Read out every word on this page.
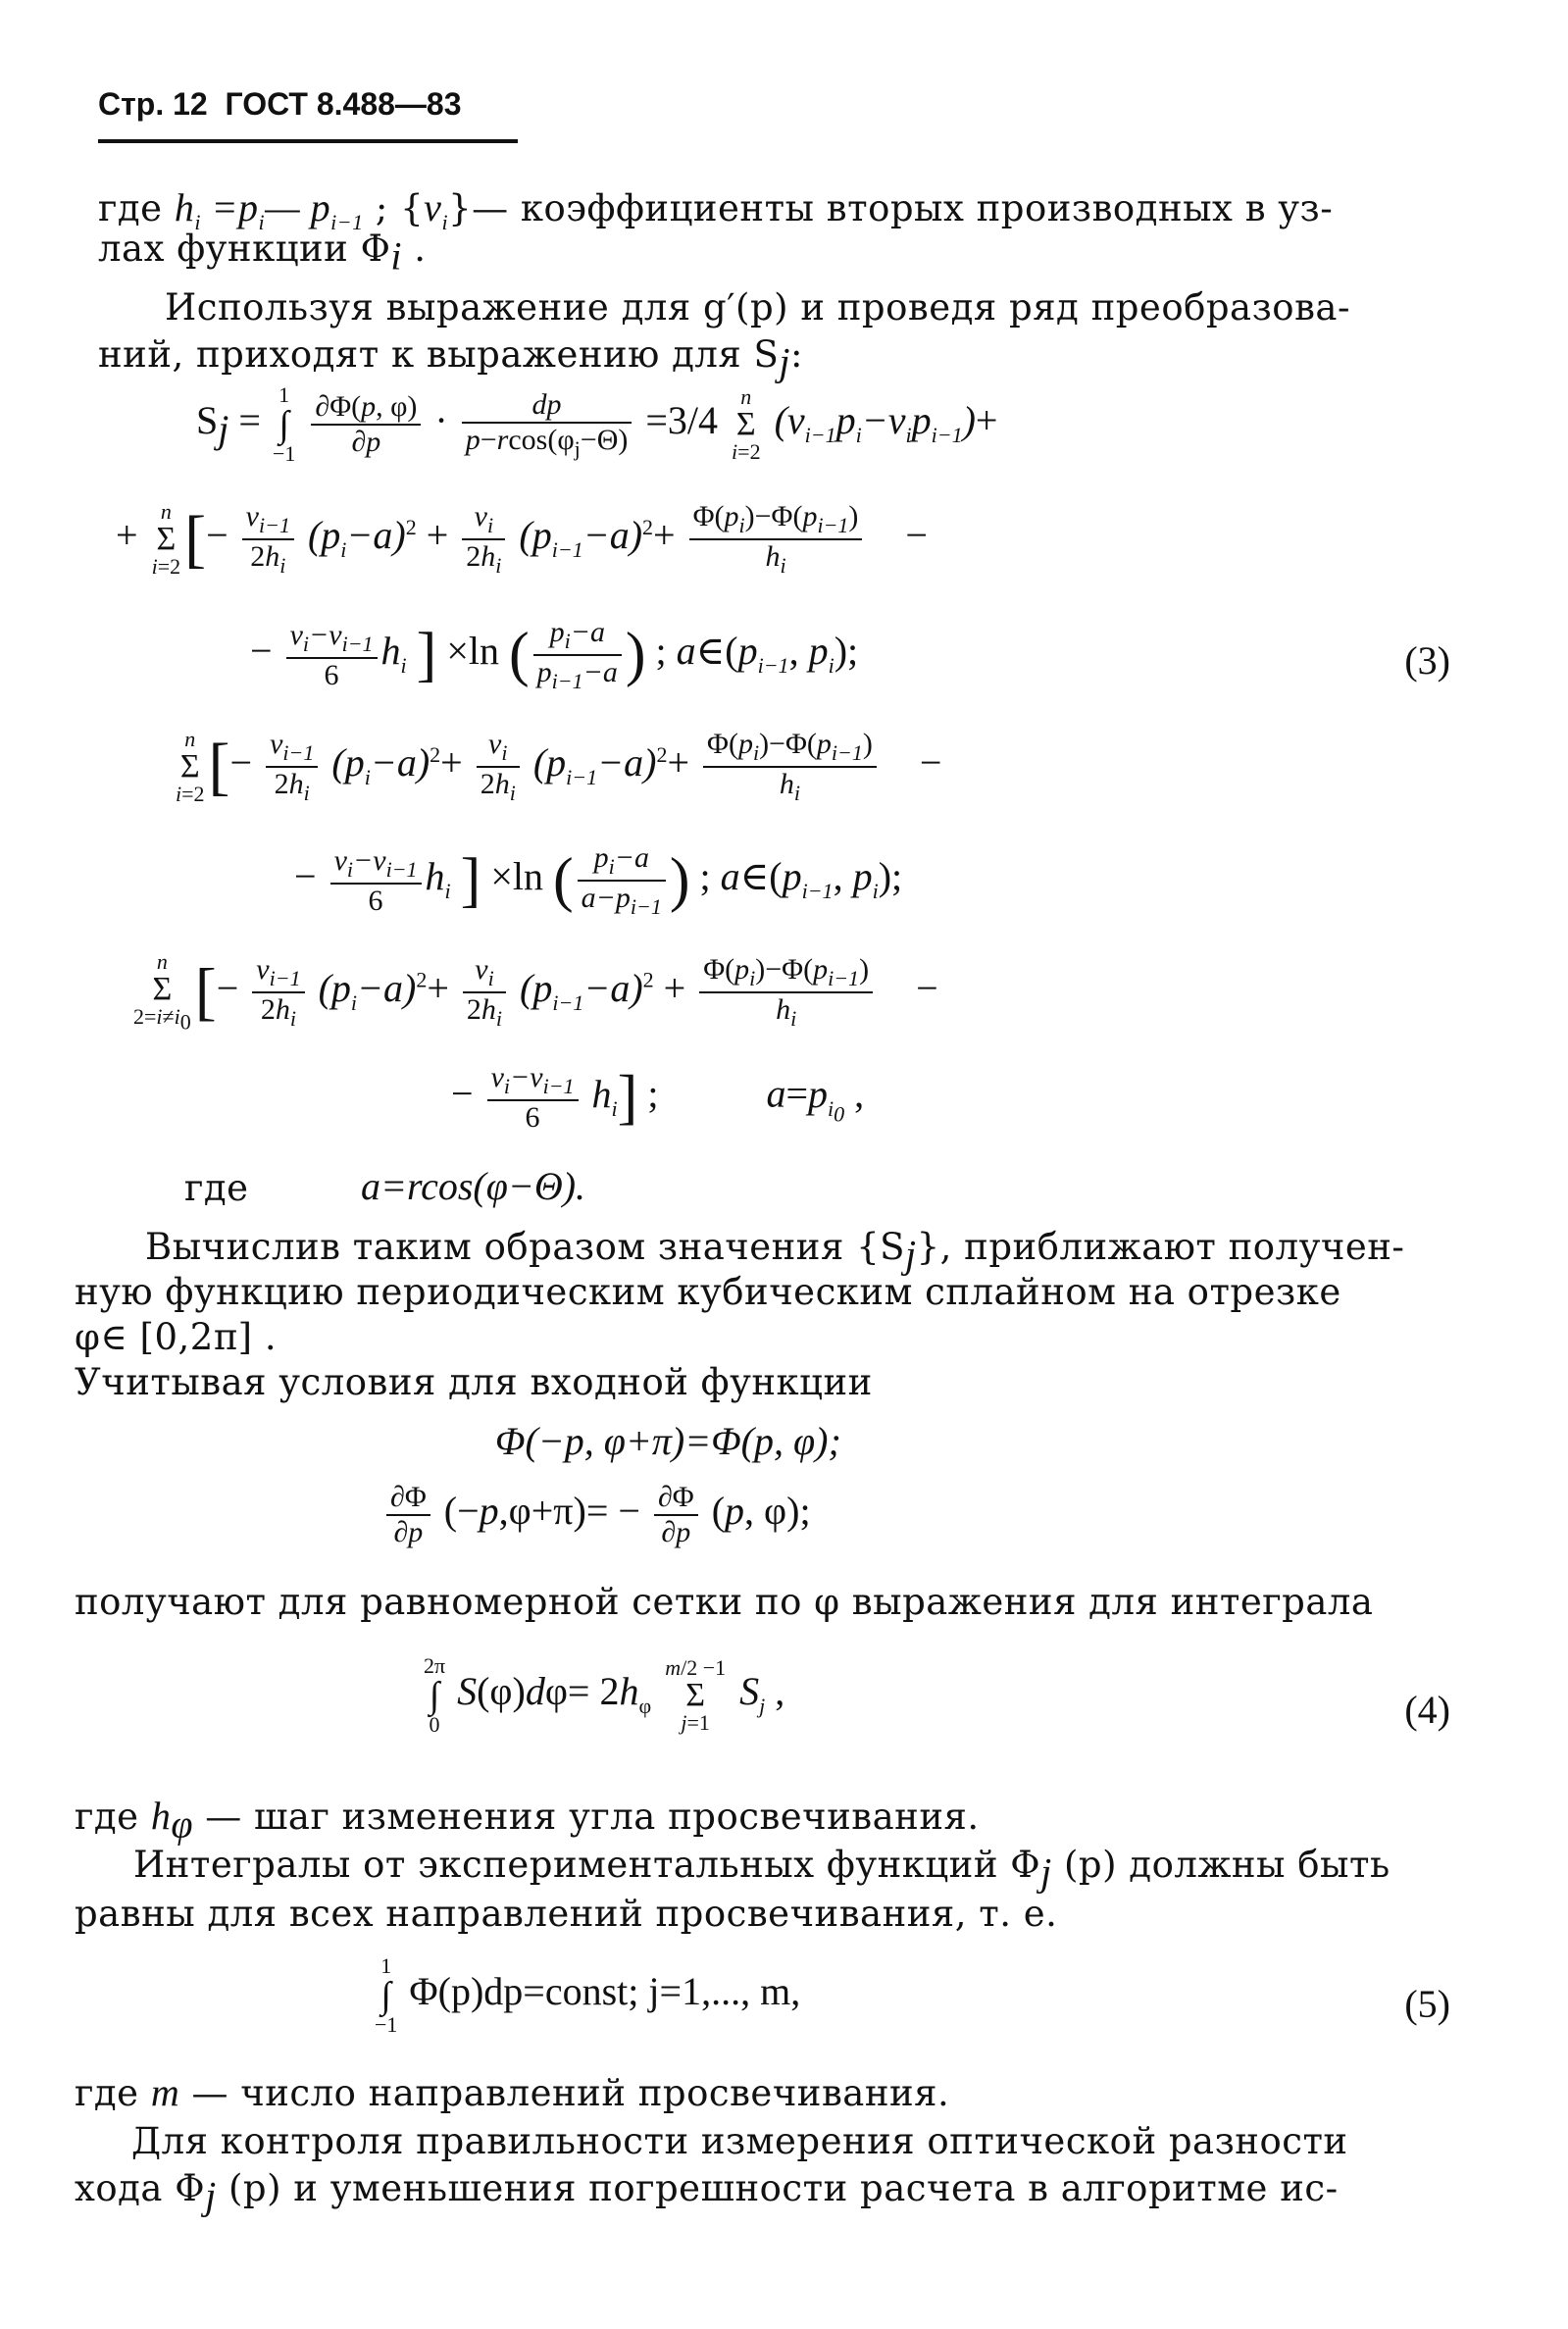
Стр. 12 ГОСТ 8.488—83
где $h_i$ $=p_i—$ $p_{i-1}$ ; $\{v_i\}—$ коэффициенты вторых производных в уз-
лах функции $\Phi_i$ .
Используя выражение для g′(p) и проведя ряд преобразова-
ний, приходят к выражению для $S_j$:
$S_j = 1$
∫
$-1 \frac{\partial\Phi(p, \varphi)}{\partial p} \cdot \frac{dp}{p-rcos(\varphi_j-\Theta)} =3/4$ n
Σ
i=2 $(v_{i-1}p_i-v_ip_{i-1})+$
+ n
Σ
$i=2[- \frac{v_{i-1}}{2h_i} (p_i-a)^2 + \frac{v_i}{2h_i} (p_{i-1}-a)^2+ \frac{\Phi(p_i)-\Phi(p_{i-1})}{h_i}$ −
− $\frac{v_i-v_{i-1}}{6} h_i$ ] ×ln ( $\frac{p_i-a}{p_{i-1}-a}$ ) ; $a\in(p_{i-1}$, $p_i$);	(3)
n
Σ
$i=2[- \frac{v_{i-1}}{2h_i} (p_i-a)^2+ \frac{v_i}{2h_i} (p_{i-1}-a)^2+ \frac{\Phi(p_i)-\Phi(p_{i-1})}{h_i}$ −
− $\frac{v_i-v_{i-1}}{6} h_i$ ] ×ln ( $\frac{p_i-a}{a-p_{i-1}}$ ) ; $a\in(p_{i-1}$, $p_i$);
n
Σ
$2=i\ne i_0[- \frac{v_{i-1}}{2h_i} (p_i-a)^2+ \frac{v_i}{2h_i} (p_{i-1}-a)^2 + \frac{\Phi(p_i)-\Phi(p_{i-1})}{h_i}$ −
− $\frac{v_i-v_{i-1}}{6} h_i$] ;           $a=p_{i_0}$ ,
где	a=rcos(φ−Θ).
Вычислив таким образом значения $\{S_j\}$, приближают получен-
ную функцию периодическим кубическим сплайном на отрезке
φ∈ [0,2π] .
Учитывая условия для входной функции
Φ(−p, φ+π)=Φ(p, φ);
$\frac{\partial\Phi}{\partial p} (-p,\varphi+\pi)= - \frac{\partial\Phi}{\partial p} (p$, φ);
получают для равномерной сетки по φ выражения для интеграла
2π
∫
0 $S(\varphi)d\varphi= 2h_\varphi$ m/2 −1
Σ
j=1 $S_j$ ,	(4)
где $h_\varphi$ — шаг изменения угла просвечивания.
Интегралы от экспериментальных функций $\Phi_j$ (p) должны быть
равны для всех направлений просвечивания, т. е.
1
∫
−1 Φ(p)dp=const; j=1,..., m,	(5)
где m — число направлений просвечивания.
Для контроля правильности измерения оптической разности
хода $\Phi_j$ (p) и уменьшения погрешности расчета в алгоритме ис-
